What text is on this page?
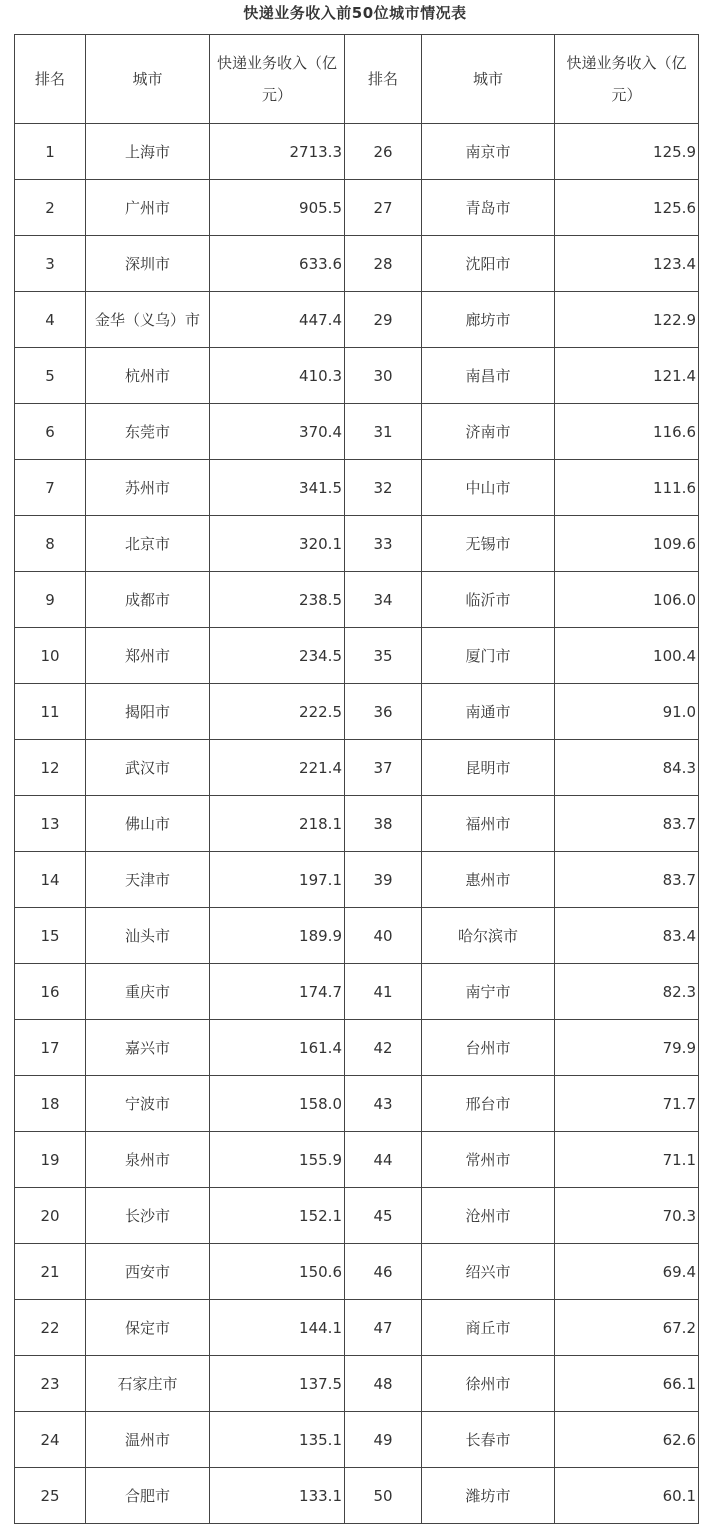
快递业务收入前50位城市情况表
排名	城市	快递业务收入（亿元）	排名	城市	快递业务收入（亿元）
1	上海市	2713.3	26	南京市	125.9
2	广州市	905.5	27	青岛市	125.6
3	深圳市	633.6	28	沈阳市	123.4
4	金华（义乌）市	447.4	29	廊坊市	122.9
5	杭州市	410.3	30	南昌市	121.4
6	东莞市	370.4	31	济南市	116.6
7	苏州市	341.5	32	中山市	111.6
8	北京市	320.1	33	无锡市	109.6
9	成都市	238.5	34	临沂市	106.0
10	郑州市	234.5	35	厦门市	100.4
11	揭阳市	222.5	36	南通市	91.0
12	武汉市	221.4	37	昆明市	84.3
13	佛山市	218.1	38	福州市	83.7
14	天津市	197.1	39	惠州市	83.7
15	汕头市	189.9	40	哈尔滨市	83.4
16	重庆市	174.7	41	南宁市	82.3
17	嘉兴市	161.4	42	台州市	79.9
18	宁波市	158.0	43	邢台市	71.7
19	泉州市	155.9	44	常州市	71.1
20	长沙市	152.1	45	沧州市	70.3
21	西安市	150.6	46	绍兴市	69.4
22	保定市	144.1	47	商丘市	67.2
23	石家庄市	137.5	48	徐州市	66.1
24	温州市	135.1	49	长春市	62.6
25	合肥市	133.1	50	潍坊市	60.1
